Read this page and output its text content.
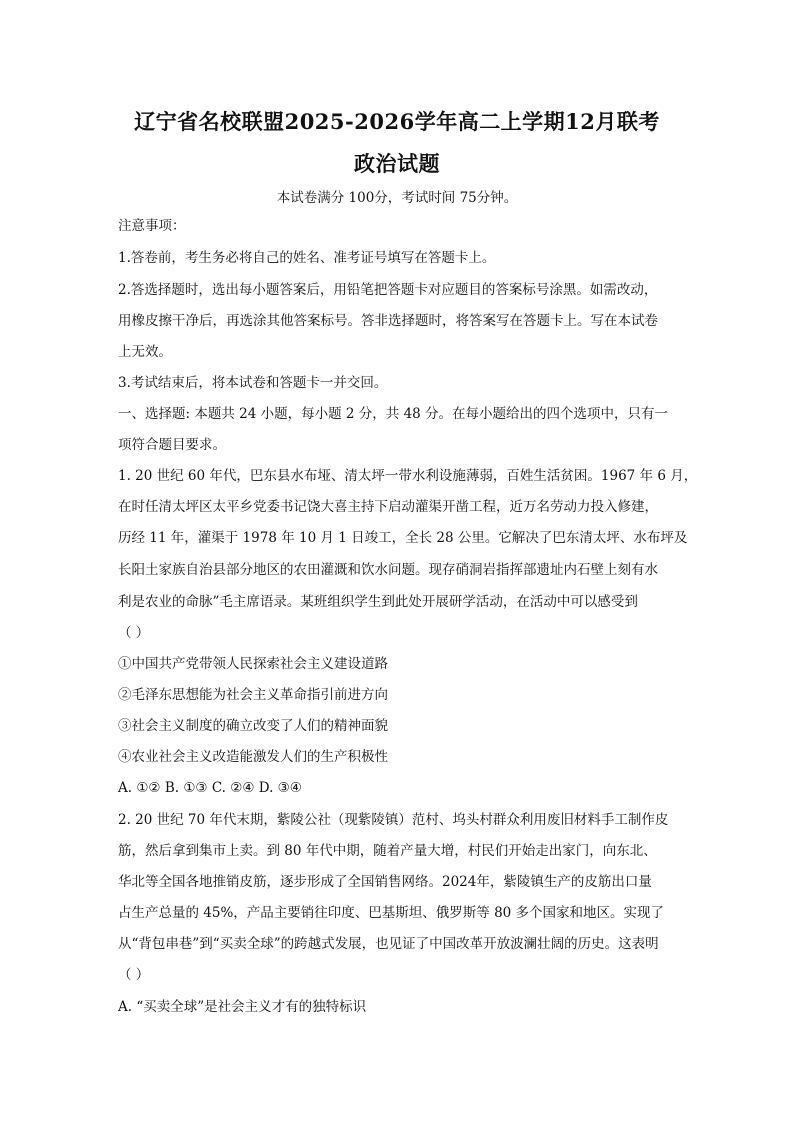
辽宁省名校联盟2025-2026学年高二上学期12月联考
政治试题
本试卷满分 100分，考试时间 75分钟。
注意事项：
1.答卷前，考生务必将自己的姓名、准考证号填写在答题卡上。
2.答选择题时，选出每小题答案后，用铅笔把答题卡对应题目的答案标号涂黑。如需改动，
用橡皮擦干净后，再选涂其他答案标号。答非选择题时，将答案写在答题卡上。写在本试卷
上无效。
3.考试结束后，将本试卷和答题卡一并交回。
一、选择题: 本题共 24 小题，每小题 2 分，共 48 分。在每小题给出的四个选项中，只有一
项符合题目要求。
1. 20 世纪 60 年代，巴东县水布垭、清太坪一带水利设施薄弱，百姓生活贫困。1967 年 6 月，
在时任清太坪区太平乡党委书记饶大喜主持下启动灌渠开凿工程，近万名劳动力投入修建，
历经 11 年，灌渠于 1978 年 10 月 1 日竣工，全长 28 公里。它解决了巴东清太坪、水布坪及
长阳土家族自治县部分地区的农田灌溉和饮水问题。现存硝洞岩指挥部遗址内石壁上刻有水
利是农业的命脉”毛主席语录。某班组织学生到此处开展研学活动，在活动中可以感受到
（ ）
①中国共产党带领人民探索社会主义建设道路
②毛泽东思想能为社会主义革命指引前进方向
③社会主义制度的确立改变了人们的精神面貌
④农业社会主义改造能激发人们的生产积极性
A. ①② B. ①③ C. ②④ D. ③④
2. 20 世纪 70 年代末期，紫陵公社（现紫陵镇）范村、坞头村群众利用废旧材料手工制作皮
筋，然后拿到集市上卖。到 80 年代中期，随着产量大增，村民们开始走出家门，向东北、
华北等全国各地推销皮筋，逐步形成了全国销售网络。2024年，紫陵镇生产的皮筋出口量
占生产总量的 45%，产品主要销往印度、巴基斯坦、俄罗斯等 80 多个国家和地区。实现了
从“背包串巷”到“买卖全球”的跨越式发展，也见证了中国改革开放波澜壮阔的历史。这表明
（ ）
A. “买卖全球”是社会主义才有的独特标识
